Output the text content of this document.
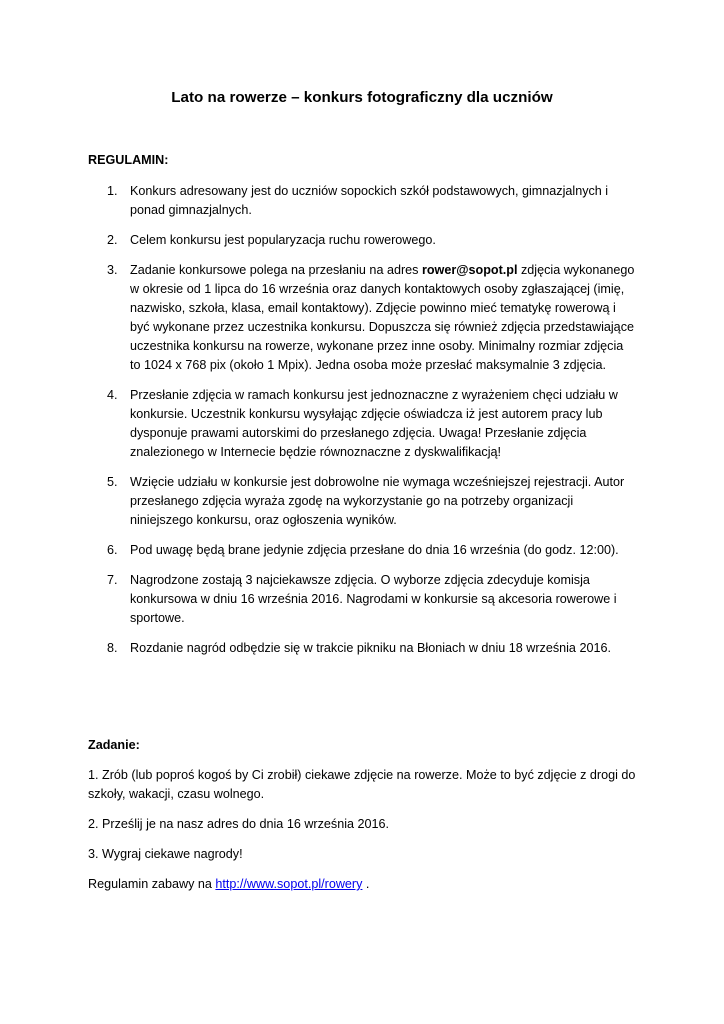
Lato na rowerze – konkurs fotograficzny dla uczniów
REGULAMIN:
1. Konkurs adresowany jest do uczniów sopockich szkół podstawowych, gimnazjalnych i ponad gimnazjalnych.
2. Celem konkursu jest popularyzacja ruchu rowerowego.
3. Zadanie konkursowe polega na przesłaniu na adres rower@sopot.pl zdjęcia wykonanego w okresie od 1 lipca do 16 września oraz danych kontaktowych osoby zgłaszającej (imię, nazwisko, szkoła, klasa, email kontaktowy). Zdjęcie powinno mieć tematykę rowerową i być wykonane przez uczestnika konkursu. Dopuszcza się również zdjęcia przedstawiające uczestnika konkursu na rowerze, wykonane przez inne osoby. Minimalny rozmiar zdjęcia to 1024 x 768 pix (około 1 Mpix). Jedna osoba może przesłać maksymalnie 3 zdjęcia.
4. Przesłanie zdjęcia w ramach konkursu jest jednoznaczne z wyrażeniem chęci udziału w konkursie. Uczestnik konkursu wysyłając zdjęcie oświadcza iż jest autorem pracy lub dysponuje prawami autorskimi do przesłanego zdjęcia. Uwaga! Przesłanie zdjęcia znalezionego w Internecie będzie równoznaczne z dyskwalifikacją!
5. Wzięcie udziału w konkursie jest dobrowolne nie wymaga wcześniejszej rejestracji. Autor przesłanego zdjęcia wyraża zgodę na wykorzystanie go na potrzeby organizacji niniejszego konkursu, oraz ogłoszenia wyników.
6. Pod uwagę będą brane jedynie zdjęcia przesłane do dnia 16 września (do godz. 12:00).
7. Nagrodzone zostają 3 najciekawsze zdjęcia. O wyborze zdjęcia zdecyduje komisja konkursowa w dniu 16 września 2016. Nagrodami w konkursie są akcesoria rowerowe i sportowe.
8. Rozdanie nagród odbędzie się w trakcie pikniku na Błoniach w dniu 18 września 2016.
Zadanie:
1. Zrób (lub poproś kogoś by Ci zrobił) ciekawe zdjęcie na rowerze. Może to być zdjęcie z drogi do szkoły, wakacji, czasu wolnego.
2. Prześlij je na nasz adres do dnia 16 września 2016.
3. Wygraj ciekawe nagrody!
Regulamin zabawy na http://www.sopot.pl/rowery .
